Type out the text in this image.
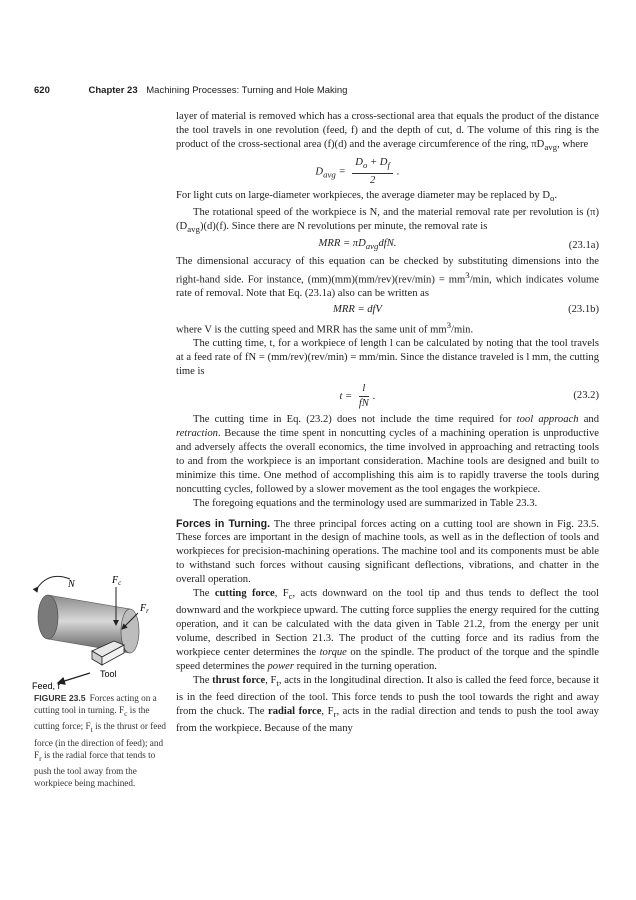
620	Chapter 23 Machining Processes: Turning and Hole Making

layer of material is removed which has a cross-sectional area that equals the product of the distance the tool travels in one revolution (feed, f) and the depth of cut, d. The volume of this ring is the product of the cross-sectional area (f)(d) and the average circumference of the ring, $\pi D_{avg}$, where

$D_{avg} = \frac{D_o + D_f}{2}$ .

For light cuts on large-diameter workpieces, the average diameter may be replaced by $D_o$.

The rotational speed of the workpiece is N, and the material removal rate per revolution is $(\pi)(D_{avg})(d)(f)$. Since there are N revolutions per minute, the removal rate is

MRR = $\pi D_{avg}dfN$.	(23.1a)

The dimensional accuracy of this equation can be checked by substituting dimensions into the right-hand side. For instance, $(mm)(mm)(mm/rev)(rev/\min) = mm^3/\min$, which indicates volume rate of removal. Note that Eq. (23.1a) also can be written as

MRR = dfV	(23.1b)

where V is the cutting speed and MRR has the same unit of $mm^3/\min$.

The cutting time, t, for a workpiece of length l can be calculated by noting that the tool travels at a feed rate of fN = (mm/rev)(rev/min) = mm/min. Since the distance traveled is l mm, the cutting time is

$t = \frac{l}{fN}$ .	(23.2)

The cutting time in Eq. (23.2) does not include the time required for tool approach and retraction. Because the time spent in noncutting cycles of a machining operation is unproductive and adversely affects the overall economics, the time involved in approaching and retracting tools to and from the workpiece is an important consideration. Machine tools are designed and built to minimize this time. One method of accomplishing this aim is to rapidly traverse the tools during noncutting cycles, followed by a slower movement as the tool engages the workpiece.

The foregoing equations and the terminology used are summarized in Table 23.3.

Forces in Turning. The three principal forces acting on a cutting tool are shown in Fig. 23.5. These forces are important in the design of machine tools, as well as in the deflection of tools and workpieces for precision-machining operations. The machine tool and its components must be able to withstand such forces without causing significant deflections, vibrations, and chatter in the overall operation.

The cutting force, $F_c$, acts downward on the tool tip and thus tends to deflect the tool downward and the workpiece upward. The cutting force supplies the energy required for the cutting operation, and it can be calculated with the data given in Table 21.2, from the energy per unit volume, described in Section 21.3. The product of the cutting force and its radius from the workpiece center determines the torque on the spindle. The product of the torque and the spindle speed determines the power required in the turning operation.

The thrust force, $F_t$, acts in the longitudinal direction. It also is called the feed force, because it is in the feed direction of the tool. This force tends to push the tool towards the right and away from the chuck. The radial force, $F_r$, acts in the radial direction and tends to push the tool away from the workpiece. Because of the many

N	$F_c$
$F_r$
Tool
Feed, f
FIGURE 23.5 Forces acting on a cutting tool in turning. $F_c$ is the cutting force; $F_t$ is the thrust or feed force (in the direction of feed); and $F_r$ is the radial force that tends to push the tool away from the workpiece being machined.
